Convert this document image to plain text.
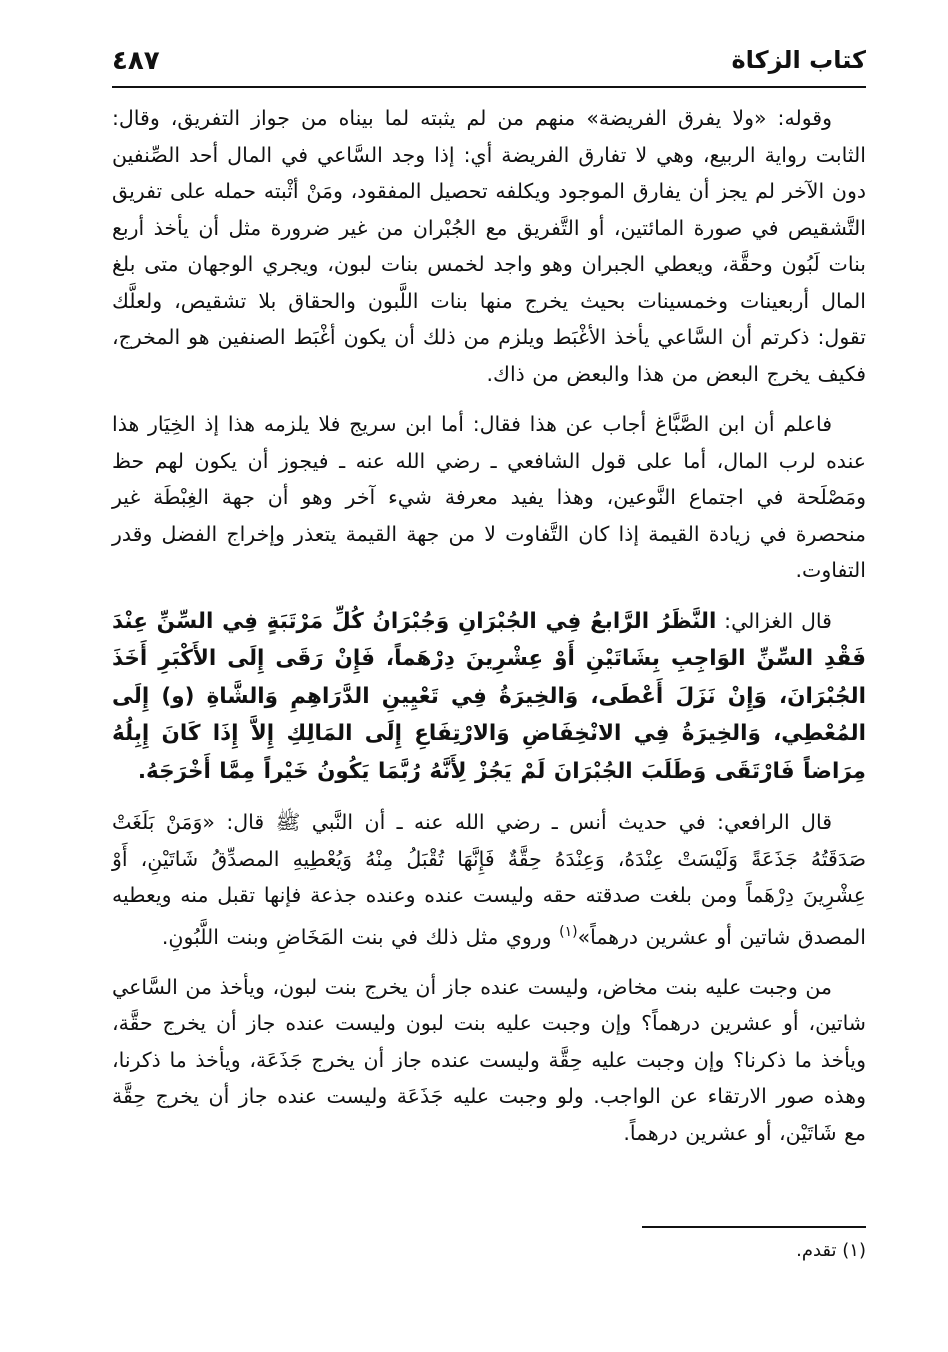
كتاب الزكاة
٤٨٧

وقوله: «ولا يفرق الفريضة» منهم من لم يثبته لما بيناه من جواز التفريق، وقال: الثابت رواية الربيع، وهي لا تفارق الفريضة أي: إذا وجد السَّاعي في المال أحد الصِّنفين دون الآخر لم يجز أن يفارق الموجود ويكلفه تحصيل المفقود، ومَنْ أثْبته حمله على تفريق التَّشقيص في صورة المائتين، أو التَّفريق مع الجُبْران من غير ضرورة مثل أن يأخذ أربع بنات لَبُون وحقَّة، ويعطي الجبران وهو واجد لخمس بنات لبون، ويجري الوجهان متى بلغ المال أربعينات وخمسينات بحيث يخرج منها بنات اللَّبون والحقاق بلا تشقيص، ولعلَّك تقول: ذكرتم أن السَّاعي يأخذ الأغْبَط ويلزم من ذلك أن يكون أغْبَط الصنفين هو المخرج، فكيف يخرج البعض من هذا والبعض من ذاك.

فاعلم أن ابن الصَّبَّاغ أجاب عن هذا فقال: أما ابن سريج فلا يلزمه هذا إذ الخِيَار هذا عنده لرب المال، أما على قول الشافعي ـ رضي الله عنه ـ فيجوز أن يكون لهم حظ ومَصْلَحة في اجتماع النَّوعين، وهذا يفيد معرفة شيء آخر وهو أن جهة الغِبْطَة غير منحصرة في زيادة القيمة إذا كان التَّفاوت لا من جهة القيمة يتعذر وإخراج الفضل وقدر التفاوت.

قال الغزالي: النَّظَرُ الرَّابعُ فِي الجُبْرَانِ وَجُبْرَانُ كُلِّ مَرْتَبَةٍ فِي السِّنِّ عِنْدَ فَقْدِ السِّنِّ الوَاجِبِ بِشَاتَيْنِ أَوْ عِشْرِينَ دِرْهَماً، فَإِنْ رَقَى إِلَى الأَكْبَرِ أَخَذَ الجُبْرَانَ، وَإِنْ نَزَلَ أَعْطَى، وَالخِيرَةُ فِي تَعْيِينِ الدَّرَاهِمِ وَالشَّاةِ (و) إِلَى المُعْطِي، وَالخِيرَةُ فِي الانْخِفَاضِ وَالارْتِفَاعِ إِلَى المَالِكِ إِلاَّ إِذَا كَانَ إِبِلُهُ مِرَاضاً فَارْتَقَى وَطَلَبَ الجُبْرَانَ لَمْ يَجُزْ لِأَنَّهُ رُبَّمَا يَكُونُ خَيْراً مِمَّا أَخْرَجَهُ.

قال الرافعي: في حديث أنس ـ رضي الله عنه ـ أن النَّبي ﷺ قال: «وَمَنْ بَلَغَتْ صَدَقَتُهُ جَذَعَةً وَلَيْسَتْ عِنْدَهُ، وَعِنْدَهُ حِقَّةٌ فَإِنَّهَا تُقْبَلُ مِنْهُ وَيُعْطِيهِ المصدِّقُ شَاتَيْنِ، أَوْ عِشْرِينَ دِرْهَماً ومن بلغت صدقته حقه وليست عنده وعنده جذعة فإنها تقبل منه ويعطيه المصدق شاتين أو عشرين درهماً»$^{(١)}$ وروي مثل ذلك في بنت المَخَاضِ وبنت اللَّبُونِ.

من وجبت عليه بنت مخاض، وليست عنده جاز أن يخرج بنت لبون، ويأخذ من السَّاعي شاتين، أو عشرين درهماً؟ وإن وجبت عليه بنت لبون وليست عنده جاز أن يخرج حقَّة، ويأخذ ما ذكرنا؟ وإن وجبت عليه حِقَّة وليست عنده جاز أن يخرج جَذَعَة، ويأخذ ما ذكرنا، وهذه صور الارتقاء عن الواجب. ولو وجبت عليه جَذَعَة وليست عنده جاز أن يخرج حِقَّة مع شَاتَيْن، أو عشرين درهماً.

(١) تقدم.
